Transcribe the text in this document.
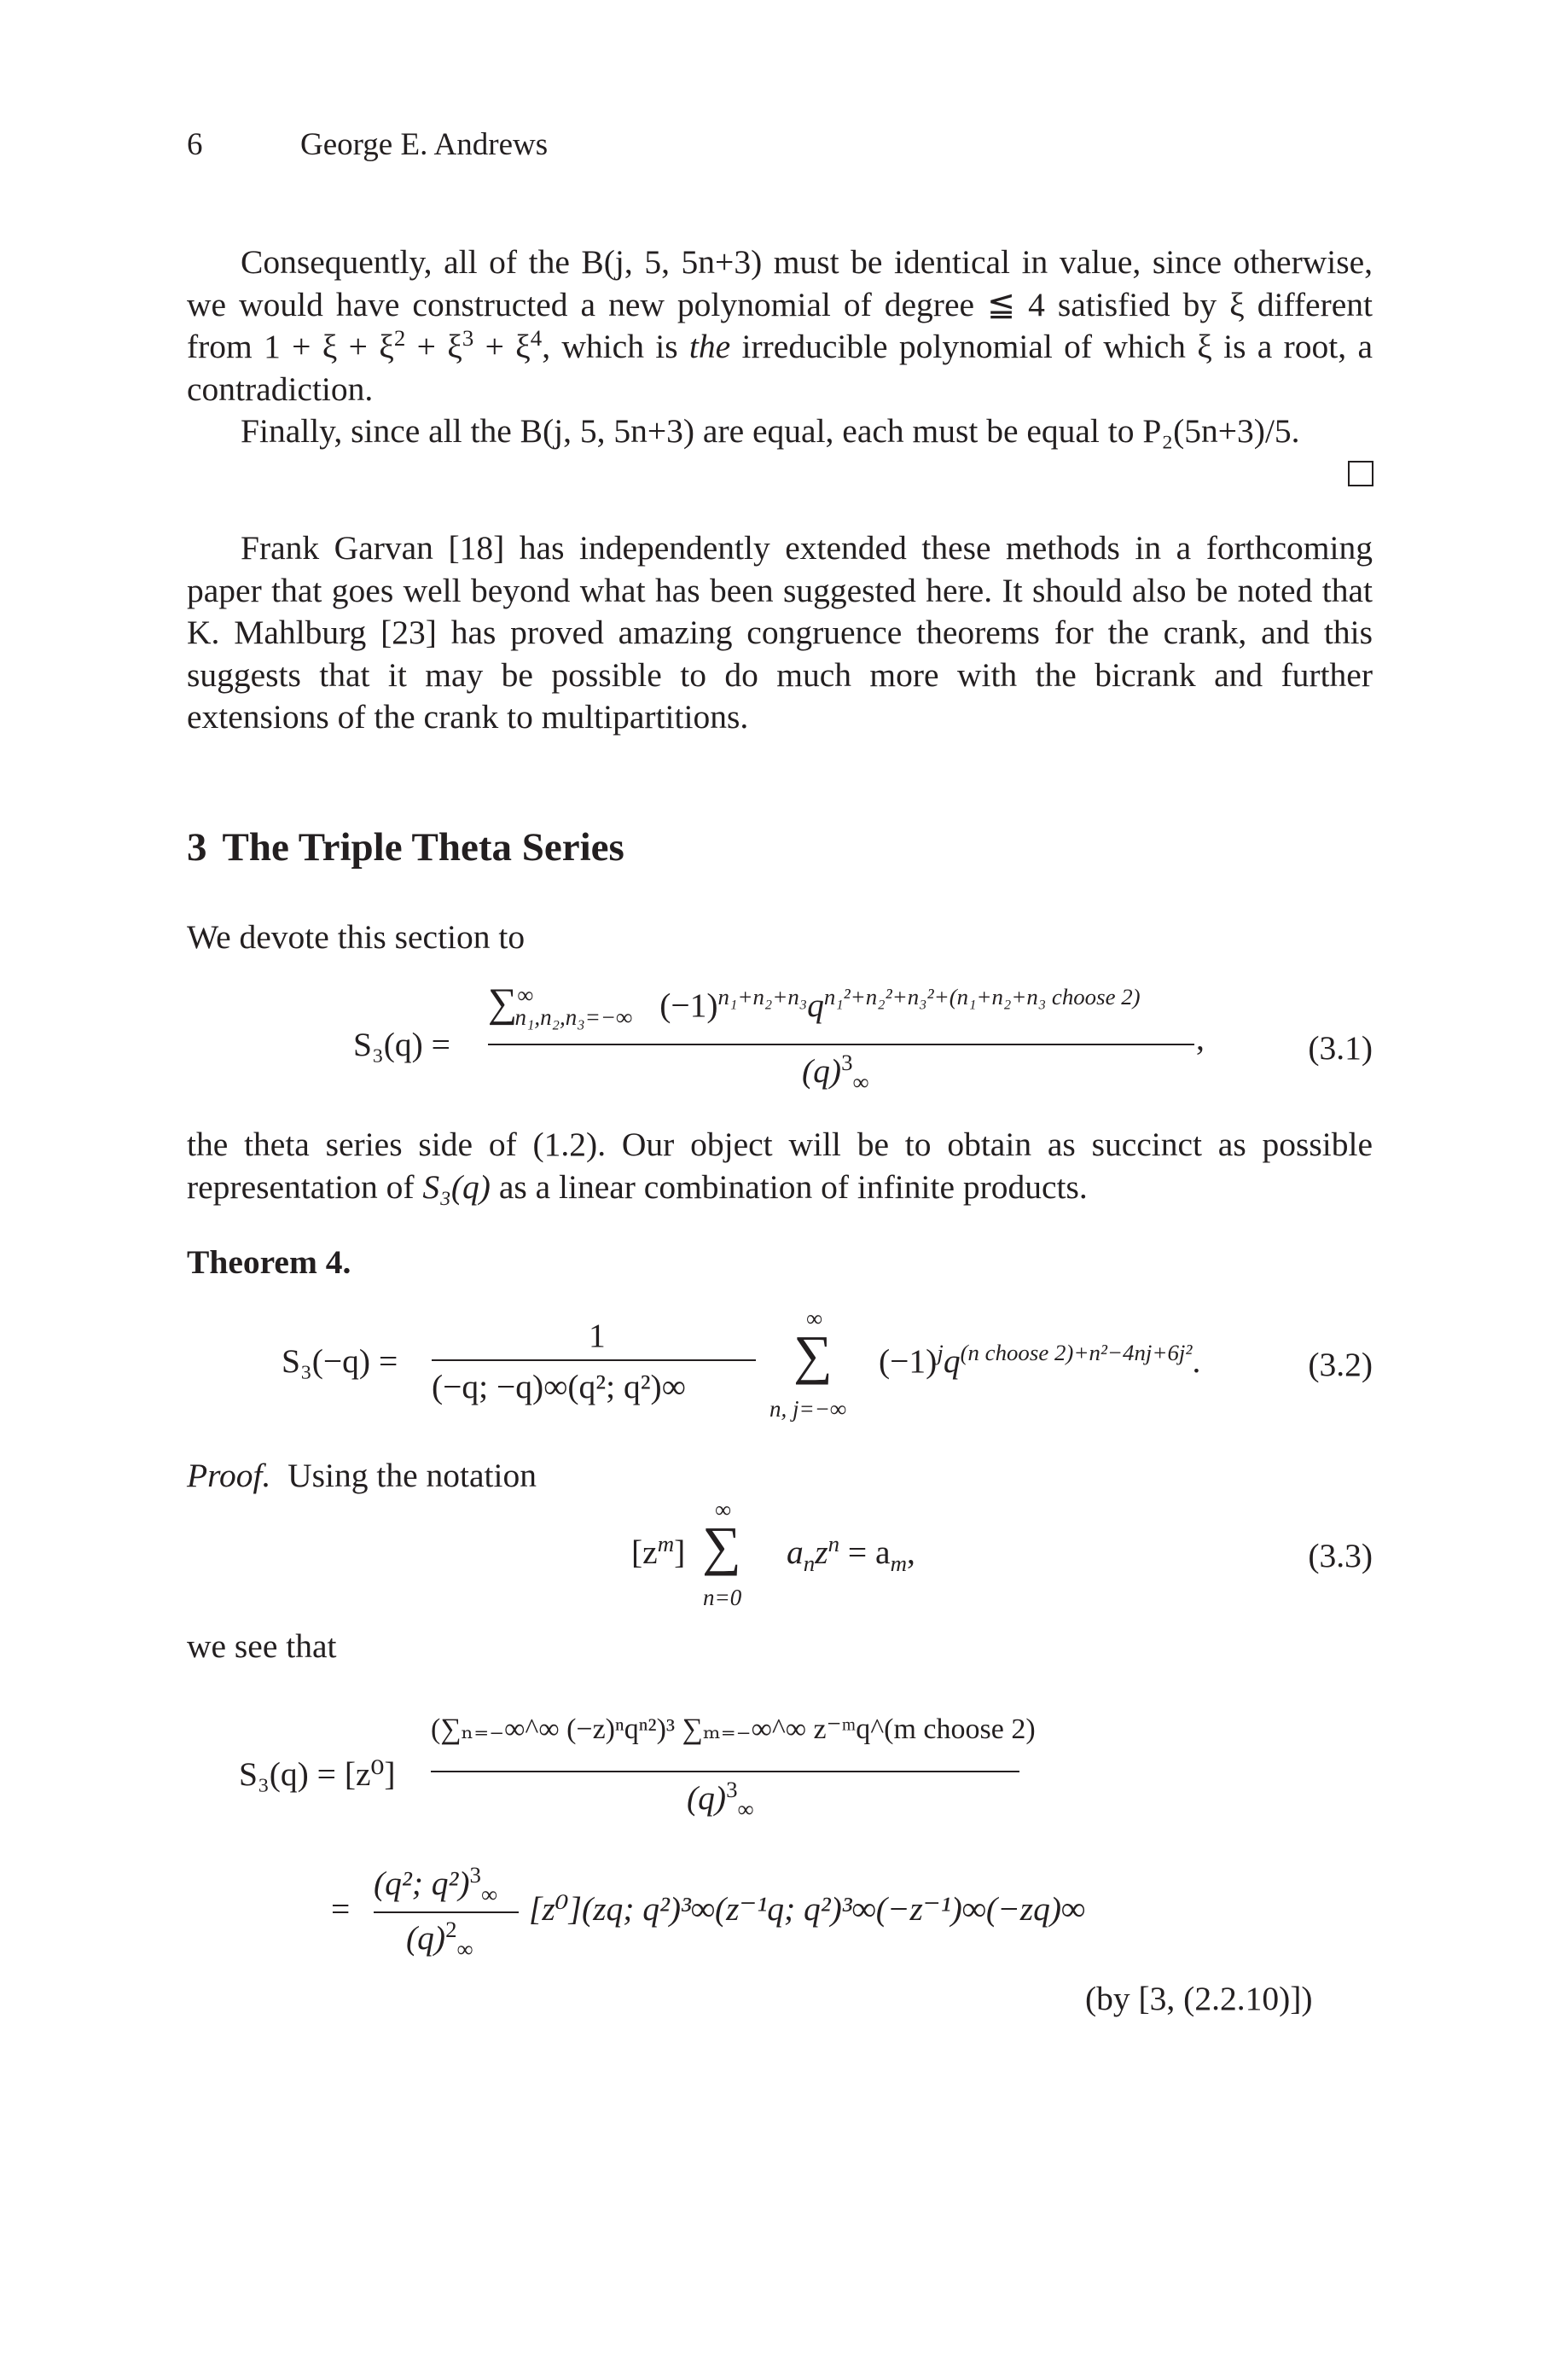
6	George E. Andrews

Consequently, all of the B(j, 5, 5n+3) must be identical in value, since otherwise, we would have constructed a new polynomial of degree ≦ 4 satisfied by ξ different from $1 + \xi + \xi^2 + \xi^3 + \xi^4$, which is the irreducible polynomial of which ξ is a root, a contradiction.

Finally, since all the B(j, 5, 5n+3) are equal, each must be equal to P₂(5n+3)/5.

Frank Garvan [18] has independently extended these methods in a forthcoming paper that goes well beyond what has been suggested here. It should also be noted that K. Mahlburg [23] has proved amazing congruence theorems for the crank, and this suggests that it may be possible to do much more with the bicrank and further extensions of the crank to multipartitions.

3 The Triple Theta Series
We devote this section to
S₃(q) =
$\sum^\infty_{n_1,n_2,n_3=-\infty}$ $(-1)^{n_1+n_2+n_3}q^{n_1^2+n_2^2+n_3^2+(n_1+n_2+n_3 choose 2)}$
$(q)^3_\infty$
,	(3.1)

the theta series side of (1.2). Our object will be to obtain as succinct as possible representation of S₃(q) as a linear combination of infinite products.

Theorem 4.
S₃(−q) =
1
(−q; −q)∞(q²; q²)∞
∞
∑
n, j=−∞
$(-1)^jq^{(n choose 2)+n^2-4nj+6j^2}$.	(3.2)
Proof. Using the notation
$[z^m]$
∞
∑
n=0
$a_nz^n = a_m$,	(3.3)
we see that
S₃(q) = [z⁰]
(∑ₙ₌₋∞^∞ (−z)ⁿqⁿ²)³ ∑ₘ₌₋∞^∞ z⁻ᵐq^(m choose 2)
$(q)^3_\infty$
=
(q²; q²)$^3_\infty$
$(q)^2_\infty$
[z⁰](zq; q²)³∞(z⁻¹q; q²)³∞(−z⁻¹)∞(−zq)∞
(by [3, (2.2.10)])
